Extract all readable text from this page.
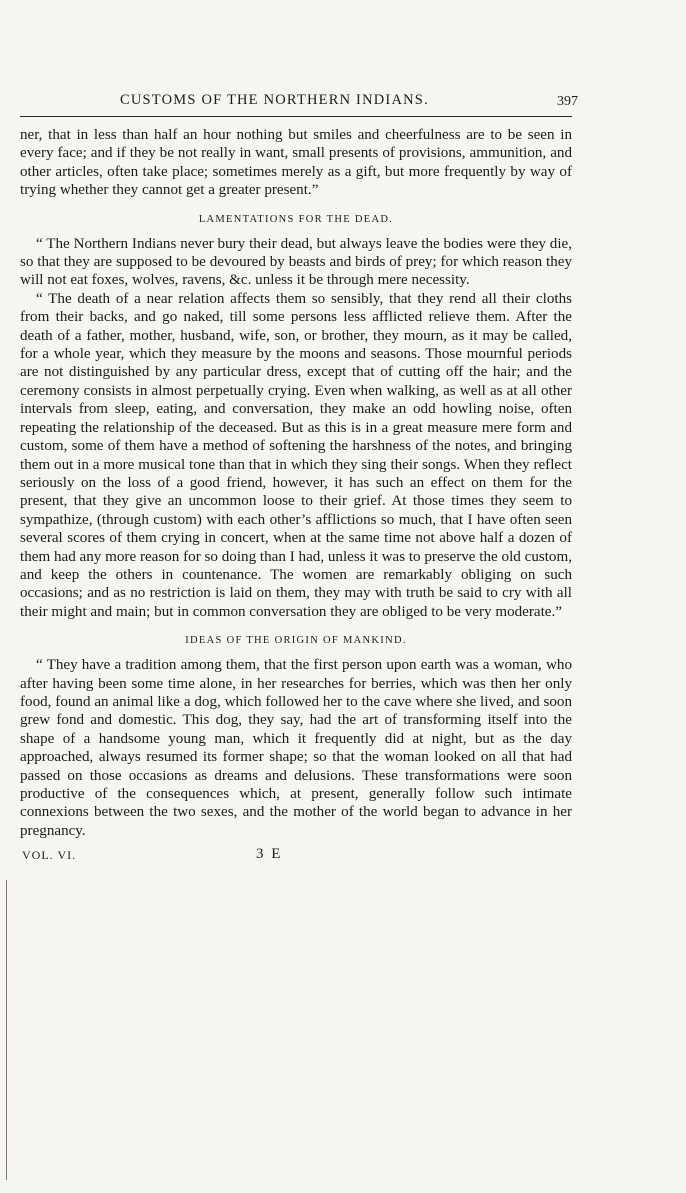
CUSTOMS OF THE NORTHERN INDIANS.	397

ner, that in less than half an hour nothing but smiles and cheerfulness are to be seen in every face; and if they be not really in want, small presents of provisions, ammunition, and other articles, often take place; sometimes merely as a gift, but more frequently by way of trying whether they cannot get a greater present.”

LAMENTATIONS FOR THE DEAD.

“ The Northern Indians never bury their dead, but always leave the bodies were they die, so that they are supposed to be devoured by beasts and birds of prey; for which reason they will not eat foxes, wolves, ravens, &c. unless it be through mere necessity.

“ The death of a near relation affects them so sensibly, that they rend all their cloths from their backs, and go naked, till some persons less afflicted relieve them. After the death of a father, mother, husband, wife, son, or brother, they mourn, as it may be called, for a whole year, which they measure by the moons and seasons. Those mournful periods are not distinguished by any particular dress, except that of cutting off the hair; and the ceremony consists in almost perpetually crying. Even when walking, as well as at all other intervals from sleep, eating, and conversation, they make an odd howling noise, often repeating the relationship of the deceased. But as this is in a great measure mere form and custom, some of them have a method of softening the harshness of the notes, and bringing them out in a more musical tone than that in which they sing their songs. When they reflect seriously on the loss of a good friend, however, it has such an effect on them for the present, that they give an uncommon loose to their grief. At those times they seem to sympathize, (through custom) with each other’s afflictions so much, that I have often seen several scores of them crying in concert, when at the same time not above half a dozen of them had any more reason for so doing than I had, unless it was to preserve the old custom, and keep the others in countenance. The women are remarkably obliging on such occasions; and as no restriction is laid on them, they may with truth be said to cry with all their might and main; but in common conversation they are obliged to be very moderate.”

IDEAS OF THE ORIGIN OF MANKIND.

“ They have a tradition among them, that the first person upon earth was a woman, who after having been some time alone, in her researches for berries, which was then her only food, found an animal like a dog, which followed her to the cave where she lived, and soon grew fond and domestic. This dog, they say, had the art of transforming itself into the shape of a handsome young man, which it frequently did at night, but as the day approached, always resumed its former shape; so that the woman looked on all that had passed on those occasions as dreams and delusions. These transformations were soon productive of the consequences which, at present, generally follow such intimate connexions between the two sexes, and the mother of the world began to advance in her pregnancy.

VOL. VI.	3 E
